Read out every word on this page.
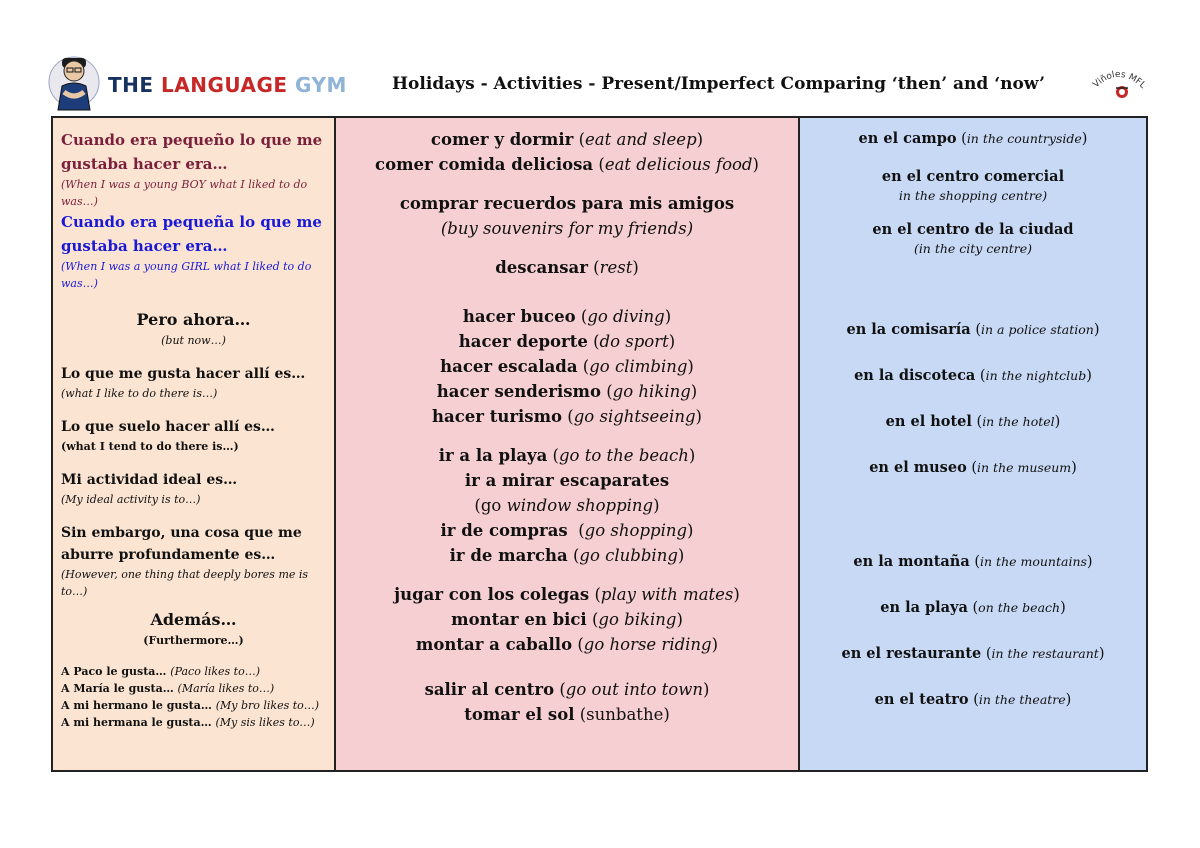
THE LANGUAGE GYM	Holidays - Activities - Present/Imperfect Comparing ‘then’ and ‘now’	Viñoles MFL
Cuando era pequeño lo que me gustaba hacer era…
(When I was a young BOY what I liked to do was…)
Cuando era pequeña lo que me gustaba hacer era…
(When I was a young GIRL what I liked to do was…)
Pero ahora…
(but now…)
Lo que me gusta hacer allí es…
(what I like to do there is…)
Lo que suelo hacer allí es…
(what I tend to do there is…)
Mi actividad ideal es…
(My ideal activity is to…)
Sin embargo, una cosa que me aburre profundamente es…
(However, one thing that deeply bores me is to…)
Además…
(Furthermore…)
A Paco le gusta… (Paco likes to…)
A María le gusta… (María likes to…)
A mi hermano le gusta… (My bro likes to…)
A mi hermana le gusta… (My sis likes to…)
comer y dormir (eat and sleep)
comer comida deliciosa (eat delicious food)
comprar recuerdos para mis amigos
(buy souvenirs for my friends)
descansar (rest)
hacer buceo (go diving)
hacer deporte (do sport)
hacer escalada (go climbing)
hacer senderismo (go hiking)
hacer turismo (go sightseeing)
ir a la playa (go to the beach)
ir a mirar escaparates
(go window shopping)
ir de compras  (go shopping)
ir de marcha (go clubbing)
jugar con los colegas (play with mates)
montar en bici (go biking)
montar a caballo (go horse riding)
salir al centro (go out into town)
tomar el sol (sunbathe)
en el campo (in the countryside)
en el centro comercial
in the shopping centre)
en el centro de la ciudad
(in the city centre)
en la comisaría (in a police station)
en la discoteca (in the nightclub)
en el hotel (in the hotel)
en el museo (in the museum)
en la montaña (in the mountains)
en la playa (on the beach)
en el restaurante (in the restaurant)
en el teatro (in the theatre)
